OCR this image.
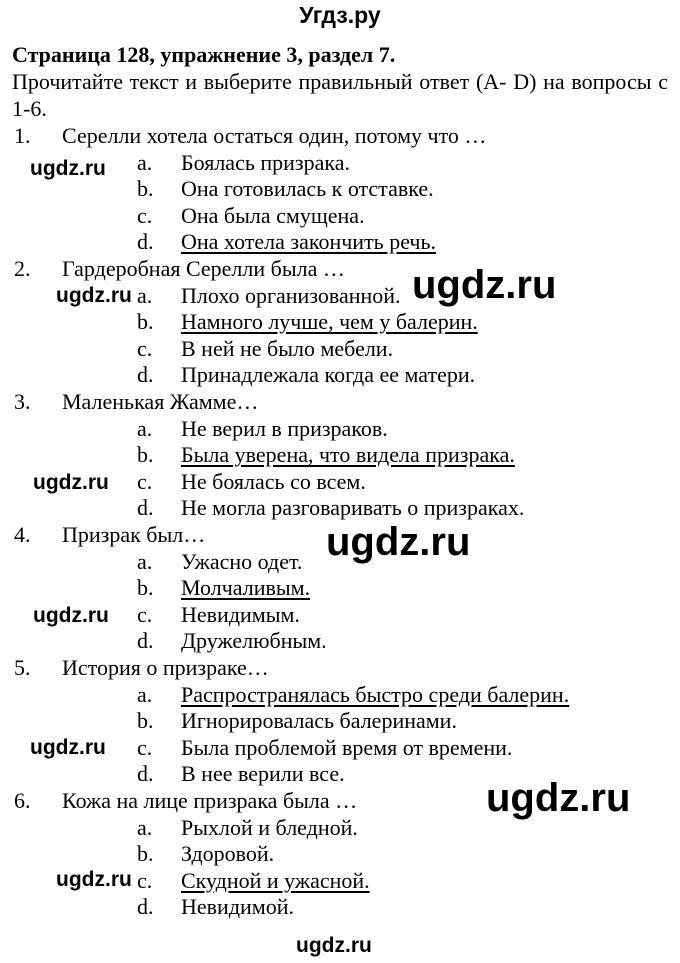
Угдз.ру
Страница 128, упражнение 3, раздел 7.
Прочитайте текст и выберите правильный ответ (A- D) на вопросы с 1-6.
1. Серелли хотела остаться один, потому что …
a. Боялась призрака.
b. Она готовилась к отставке.
c. Она была смущена.
d. Она хотела закончить речь.
2. Гардеробная Серелли была …
a. Плохо организованной.
b. Намного лучше, чем у балерин.
c. В ней не было мебели.
d. Принадлежала когда ее матери.
3. Маленькая Жамме…
a. Не верил в призраков.
b. Была уверена, что видела призрака.
c. Не боялась со всем.
d. Не могла разговаривать о призраках.
4. Призрак был…
a. Ужасно одет.
b. Молчаливым.
c. Невидимым.
d. Дружелюбным.
5. История о призраке…
a. Распространялась быстро среди балерин.
b. Игнорировалась балеринами.
c. Была проблемой время от времени.
d. В нее верили все.
6. Кожа на лице призрака была …
a. Рыхлой и бледной.
b. Здоровой.
c. Скудной и ужасной.
d. Невидимой.
ugdz.ru
ugdz.ru
ugdz.ru
ugdz.ru
ugdz.ru
ugdz.ru
ugdz.ru
ugdz.ru
ugdz.ru
ugdz.ru
